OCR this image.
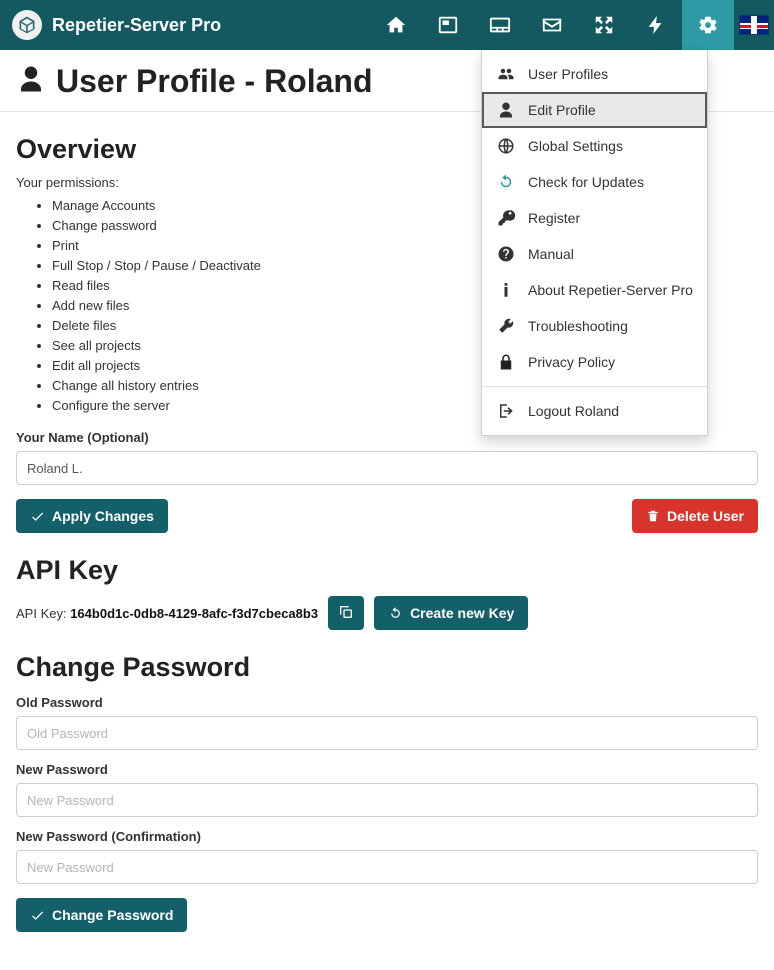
Repetier-Server Pro
User Profile - Roland
Overview

Your permissions:

• Manage Accounts
• Change password
• Print
• Full Stop / Stop / Pause / Deactivate
• Read files
• Add new files
• Delete files
• See all projects
• Edit all projects
• Change all history entries
• Configure the server
Your Name (Optional)
Roland L.
Apply Changes	Delete User
API Key
API Key: 164b0d1c-0db8-4129-8afc-f3d7cbeca8b3	Create new Key
Change Password
Old Password
New Password
New Password (Confirmation)
Change Password
User Profiles
Edit Profile
Global Settings
Check for Updates
Register
Manual
About Repetier-Server Pro
Troubleshooting
Privacy Policy
Logout Roland
